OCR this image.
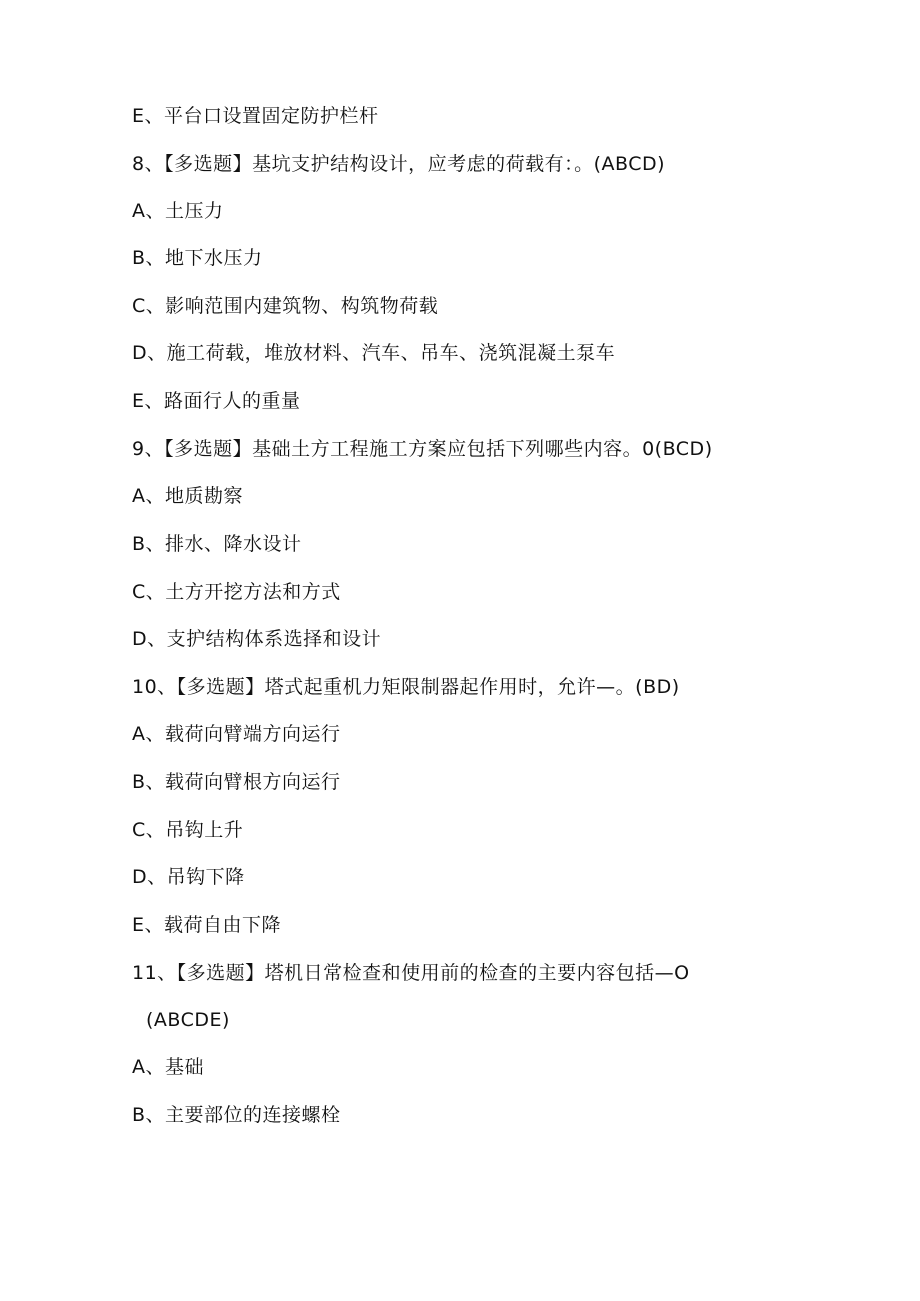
E、平台口设置固定防护栏杆
8、【多选题】基坑支护结构设计，应考虑的荷载有：。(ABCD)
A、土压力
B、地下水压力
C、影响范围内建筑物、构筑物荷载
D、施工荷载，堆放材料、汽车、吊车、浇筑混凝土泵车
E、路面行人的重量
9、【多选题】基础土方工程施工方案应包括下列哪些内容。0(BCD)
A、地质勘察
B、排水、降水设计
C、土方开挖方法和方式
D、支护结构体系选择和设计
10、【多选题】塔式起重机力矩限制器起作用时，允许—。(BD)
A、载荷向臂端方向运行
B、载荷向臂根方向运行
C、吊钩上升
D、吊钩下降
E、载荷自由下降
11、【多选题】塔机日常检查和使用前的检查的主要内容包括—O
(ABCDE)
A、基础
B、主要部位的连接螺栓
